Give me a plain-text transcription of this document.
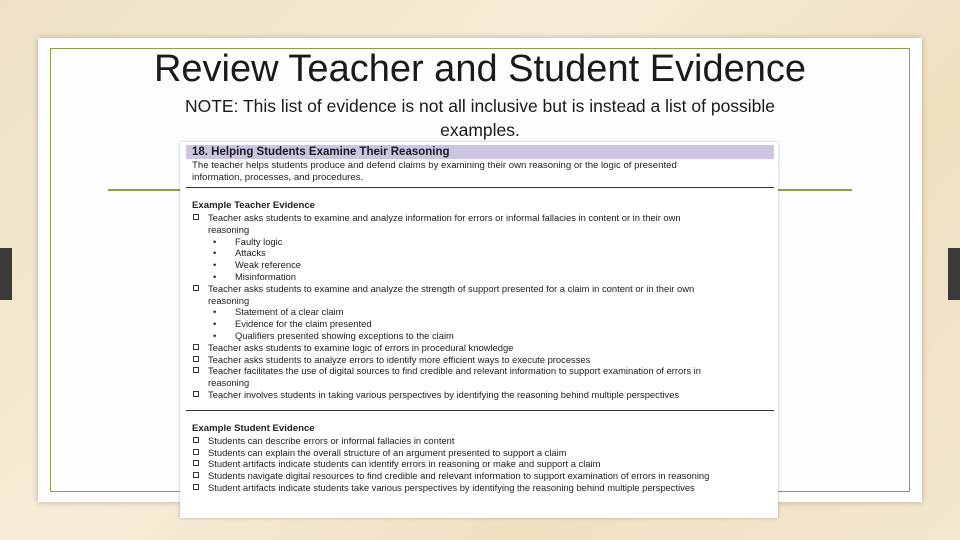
Review Teacher and Student Evidence
NOTE: This list of evidence is not all inclusive but is instead a list of possible
examples.
18. Helping Students Examine Their Reasoning
The teacher helps students produce and defend claims by examining their own reasoning or the logic of presented
information, processes, and procedures.
Example Teacher Evidence
Teacher asks students to examine and analyze information for errors or informal fallacies in content or in their own
reasoning
• Faulty logic
• Attacks
• Weak reference
• Misinformation
Teacher asks students to examine and analyze the strength of support presented for a claim in content or in their own
reasoning
• Statement of a clear claim
• Evidence for the claim presented
• Qualifiers presented showing exceptions to the claim
Teacher asks students to examine logic of errors in procedural knowledge
Teacher asks students to analyze errors to identify more efficient ways to execute processes
Teacher facilitates the use of digital sources to find credible and relevant information to support examination of errors in
reasoning
Teacher involves students in taking various perspectives by identifying the reasoning behind multiple perspectives
Example Student Evidence
Students can describe errors or informal fallacies in content
Students can explain the overall structure of an argument presented to support a claim
Student artifacts indicate students can identify errors in reasoning or make and support a claim
Students navigate digital resources to find credible and relevant information to support examination of errors in reasoning
Student artifacts indicate students take various perspectives by identifying the reasoning behind multiple perspectives
